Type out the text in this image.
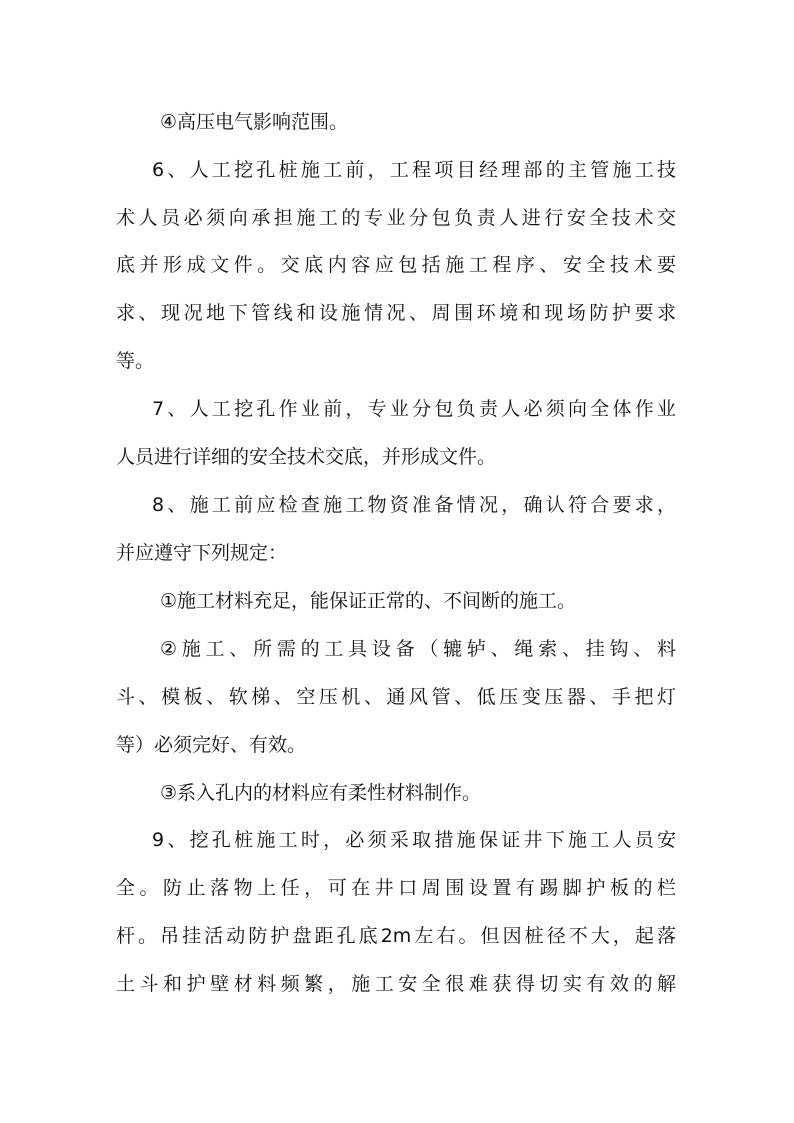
④高压电气影响范围。
6、人工挖孔桩施工前，工程项目经理部的主管施工技
术人员必须向承担施工的专业分包负责人进行安全技术交
底并形成文件。交底内容应包括施工程序、安全技术要
求、现况地下管线和设施情况、周围环境和现场防护要求
等。
7、人工挖孔作业前，专业分包负责人必须向全体作业
人员进行详细的安全技术交底，并形成文件。
8、施工前应检查施工物资准备情况，确认符合要求，
并应遵守下列规定：
①施工材料充足，能保证正常的、不间断的施工。
②施工、所需的工具设备（辘轳、绳索、挂钩、料
斗、模板、软梯、空压机、通风管、低压变压器、手把灯
等）必须完好、有效。
③系入孔内的材料应有柔性材料制作。
9、挖孔桩施工时，必须采取措施保证井下施工人员安
全。防止落物上任，可在井口周围设置有踢脚护板的栏
杆。吊挂活动防护盘距孔底2m左右。但因桩径不大，起落
土斗和护壁材料频繁，施工安全很难获得切实有效的解
